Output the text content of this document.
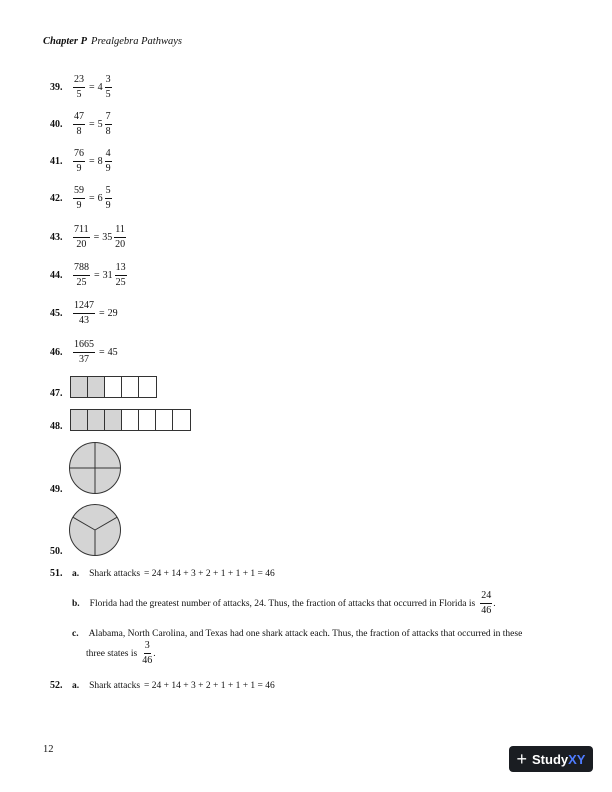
Chapter P Prealgebra Pathways
39.	$\frac{23}{5} = 4 \frac{3}{5}$
40.	$\frac{47}{8} = 5 \frac{7}{8}$
41.	$\frac{76}{9} = 8 \frac{4}{9}$
42.	$\frac{59}{9} = 6 \frac{5}{9}$
43.	$\frac{711}{20} = 35 \frac{11}{20}$
44.	$\frac{788}{25} = 31 \frac{13}{25}$
45.	$\frac{1247}{43} = 29$
46.	$\frac{1665}{37} = 45$
47.
48.
49.
50.
51.	a. Shark attacks = 24 + 14 + 3 + 2 + 1 + 1 + 1 = 46
b. Florida had the greatest number of attacks, 24. Thus, the fraction of attacks that occurred in Florida is $\frac{24}{46}$ .
c. Alabama, North Carolina, and Texas had one shark attack each. Thus, the fraction of attacks that occurred in these
three states is $\frac{3}{46}$ .
52.	a. Shark attacks = 24 + 14 + 3 + 2 + 1 + 1 + 1 = 46
12	+ Study XY
